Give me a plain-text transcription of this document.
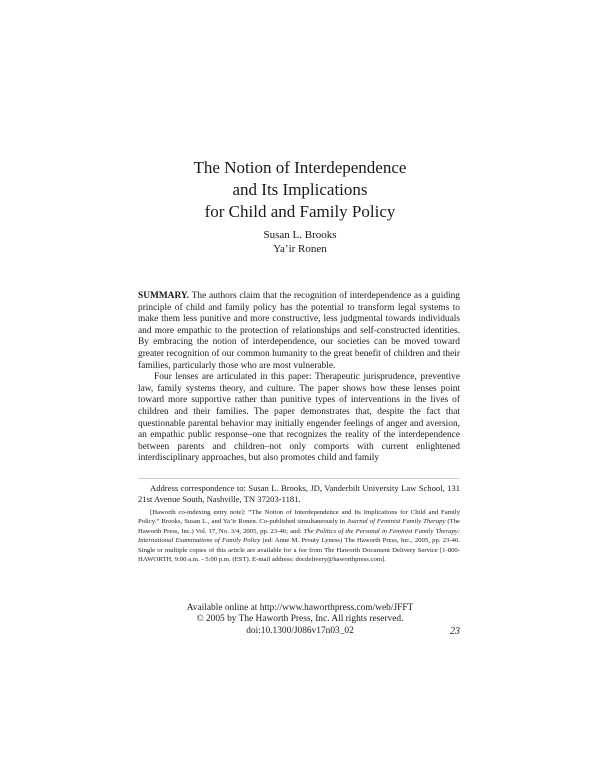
The Notion of Interdependence
and Its Implications
for Child and Family Policy
Susan L. Brooks
Ya’ir Ronen

SUMMARY. The authors claim that the recognition of interdependence as a guiding principle of child and family policy has the potential to transform legal systems to make them less punitive and more constructive, less judgmental towards individuals and more empathic to the protection of relationships and self-constructed identities. By embracing the notion of interdependence, our societies can be moved toward greater recognition of our common humanity to the great benefit of children and their families, particularly those who are most vulnerable.

Four lenses are articulated in this paper: Therapeutic jurisprudence, preventive law, family systems theory, and culture. The paper shows how these lenses point toward more supportive rather than punitive types of interventions in the lives of children and their families. The paper demonstrates that, despite the fact that questionable parental behavior may initially engender feelings of anger and aversion, an empathic public response–one that recognizes the reality of the interdependence between parents and children–not only comports with current enlightened interdisciplinary approaches, but also promotes child and family

Address correspondence to: Susan L. Brooks, JD, Vanderbilt University Law School, 131 21st Avenue South, Nashville, TN 37203-1181.

[Haworth co-indexing entry note]: “The Notion of Interdependence and Its Implications for Child and Family Policy.” Brooks, Susan L., and Ya’ir Ronen. Co-published simultaneously in Journal of Feminist Family Therapy (The Haworth Press, Inc.) Vol. 17, No. 3/4, 2005, pp. 23-46; and: The Politics of the Personal in Feminist Family Therapy: International Examinations of Family Policy (ed: Anne M. Prouty Lyness) The Haworth Press, Inc., 2005, pp. 23-46. Single or multiple copies of this article are available for a fee from The Haworth Document Delivery Service [1-800-HAWORTH, 9:00 a.m. - 5:00 p.m. (EST). E-mail address: docdelivery@haworthpress.com].

Available online at http://www.haworthpress.com/web/JFFT
© 2005 by The Haworth Press, Inc. All rights reserved.
doi:10.1300/J086v17n03_02	23
